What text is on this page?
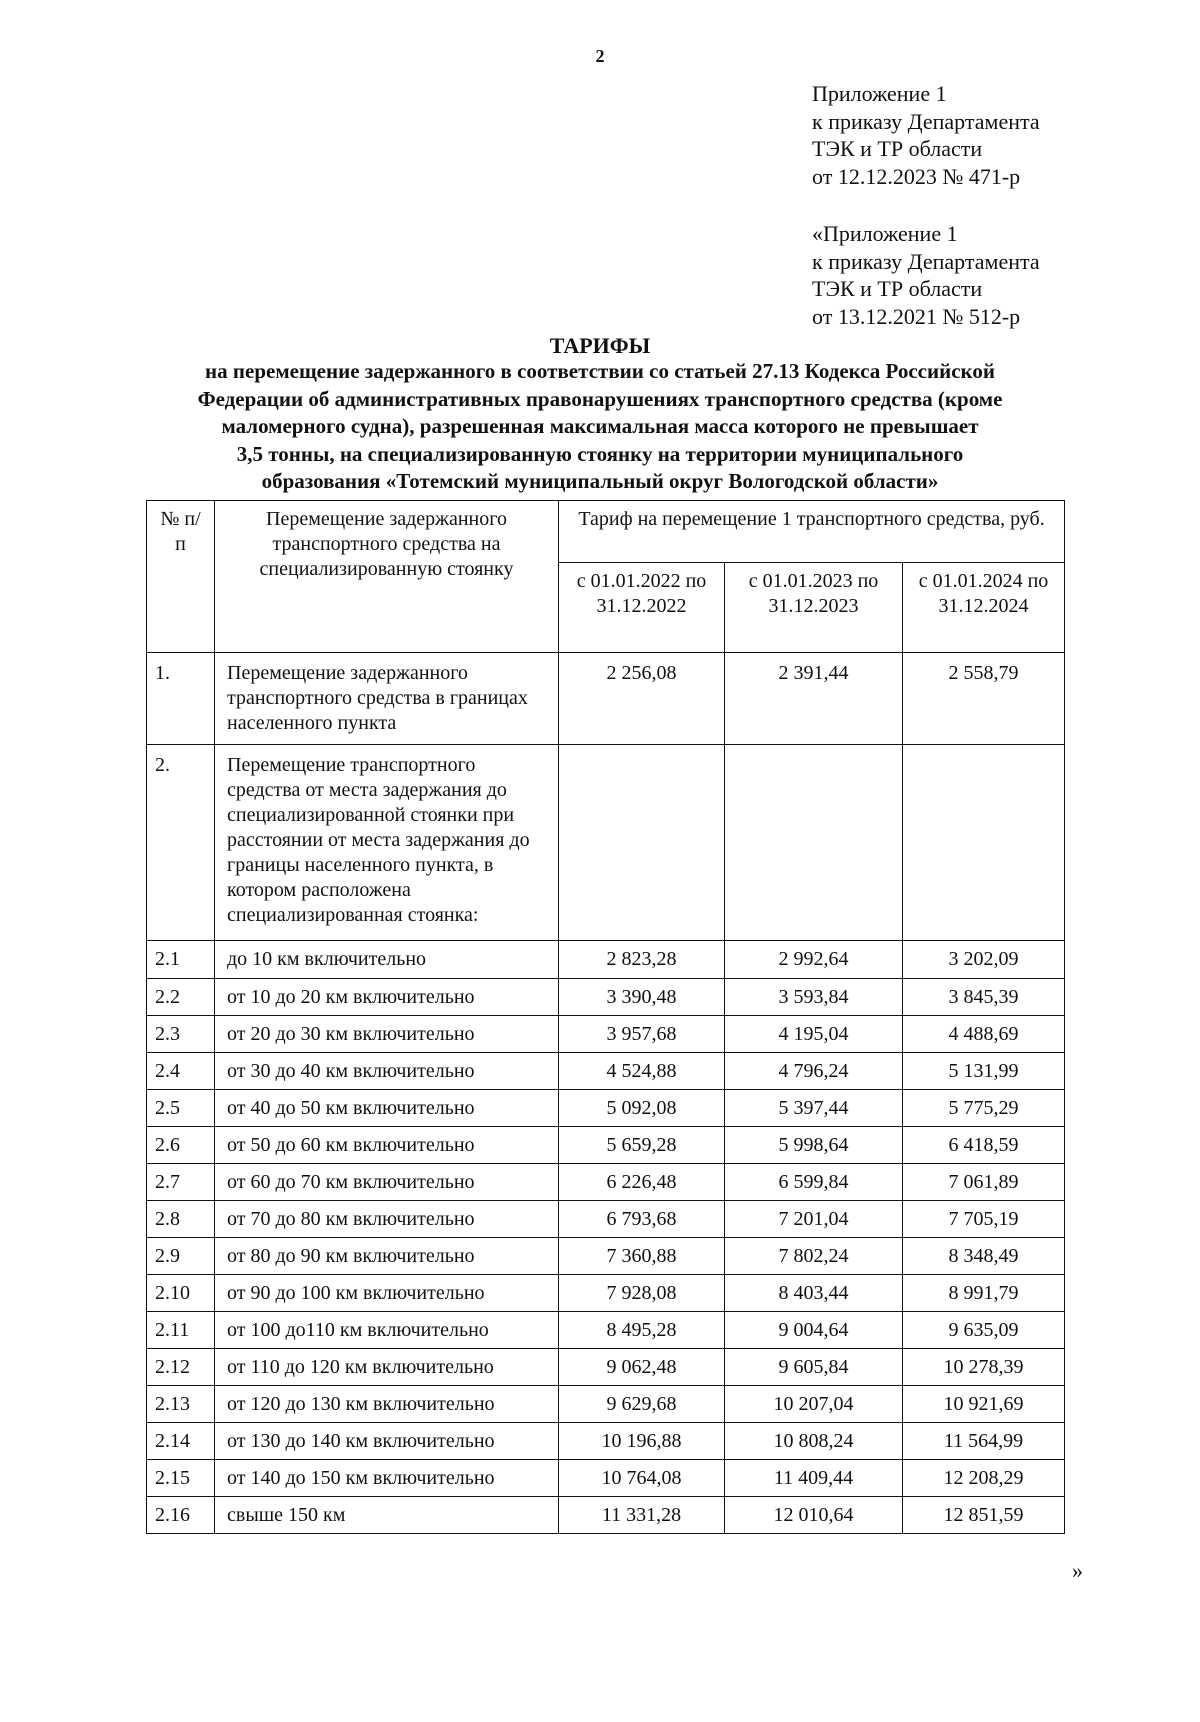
2
Приложение 1
к приказу Департамента
ТЭК и ТР области
от 12.12.2023 № 471-р
«Приложение 1
к приказу Департамента
ТЭК и ТР области
от 13.12.2021 № 512-р
ТАРИФЫ
на перемещение задержанного в соответствии со статьей 27.13 Кодекса Российской
Федерации об административных правонарушениях транспортного средства (кроме
маломерного судна), разрешенная максимальная масса которого не превышает
3,5 тонны, на специализированную стоянку на территории муниципального
образования «Тотемский муниципальный округ Вологодской области»
№ п/п	Перемещение задержанного транспортного средства на специализированную стоянку	Тариф на перемещение 1 транспортного средства, руб.		
		с 01.01.2022 по 31.12.2022	с 01.01.2023 по 31.12.2023	с 01.01.2024 по 31.12.2024
1.	Перемещение задержанного транспортного средства в границах населенного пункта	2 256,08	2 391,44	2 558,79
2.	Перемещение транспортного средства от места задержания до специализированной стоянки при расстоянии от места задержания до границы населенного пункта, в котором расположена специализированная стоянка:			
2.1	до 10 км включительно	2 823,28	2 992,64	3 202,09
2.2	от 10 до 20 км включительно	3 390,48	3 593,84	3 845,39
2.3	от 20 до 30 км включительно	3 957,68	4 195,04	4 488,69
2.4	от 30 до 40 км включительно	4 524,88	4 796,24	5 131,99
2.5	от 40 до 50 км включительно	5 092,08	5 397,44	5 775,29
2.6	от 50 до 60 км включительно	5 659,28	5 998,64	6 418,59
2.7	от 60 до 70 км включительно	6 226,48	6 599,84	7 061,89
2.8	от 70 до 80 км включительно	6 793,68	7 201,04	7 705,19
2.9	от 80 до 90 км включительно	7 360,88	7 802,24	8 348,49
2.10	от 90 до 100 км включительно	7 928,08	8 403,44	8 991,79
2.11	от 100 до110 км включительно	8 495,28	9 004,64	9 635,09
2.12	от 110 до 120 км включительно	9 062,48	9 605,84	10 278,39
2.13	от 120 до 130 км включительно	9 629,68	10 207,04	10 921,69
2.14	от 130 до 140 км включительно	10 196,88	10 808,24	11 564,99
2.15	от 140 до 150 км включительно	10 764,08	11 409,44	12 208,29
2.16	свыше 150 км	11 331,28	12 010,64	12 851,59
»
